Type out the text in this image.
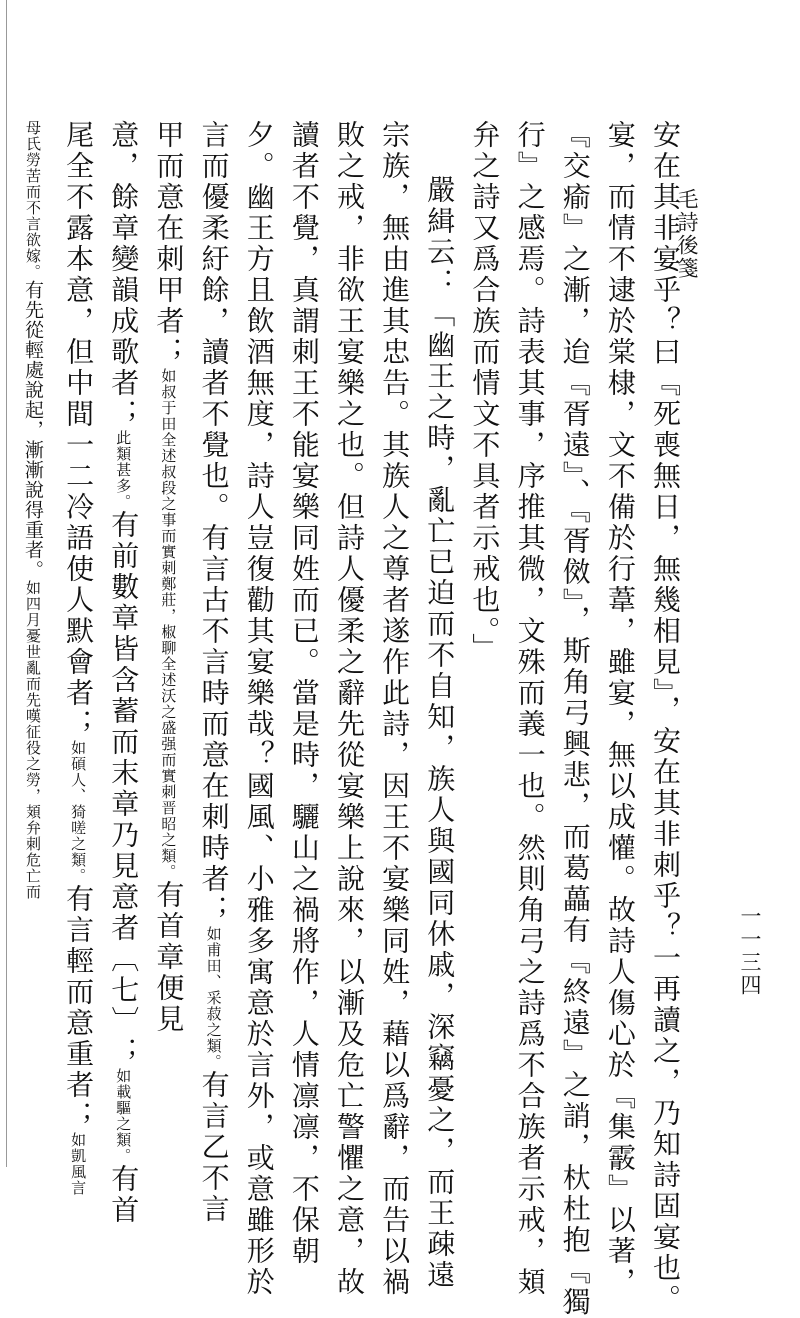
毛詩後箋
一一三四
安在其非宴乎？曰『死喪無日，無幾相見』，安在其非刺乎？一再讀之，乃知詩固宴也。
宴，而情不逮於棠棣，文不備於行葦，雖宴，無以成懽。故詩人傷心於『集霰』以著，
『交瘉』之漸，迨『胥遠』、『胥傚』，斯角弓興悲，而葛藟有『終遠』之誚，杕杜抱『獨
行』之感焉。詩表其事，序推其微，文殊而義一也。然則角弓之詩爲不合族者示戒，頍
弁之詩又爲合族而情文不具者示戒也。」
嚴緝云：「幽王之時，亂亡已迫而不自知，族人與國同休戚，深竊憂之，而王疎遠
宗族，無由進其忠告。其族人之尊者遂作此詩，因王不宴樂同姓，藉以爲辭，而告以禍
敗之戒，非欲王宴樂之也。但詩人優柔之辭先從宴樂上說來，以漸及危亡警懼之意，故
讀者不覺，真謂刺王不能宴樂同姓而已。當是時，驪山之禍將作，人情凛凛，不保朝
夕。幽王方且飲酒無度，詩人豈復勸其宴樂哉？國風、小雅多寓意於言外，或意雖形於
言而優柔紆餘，讀者不覺也。有言古不言時而意在刺時者；如甫田、采菽之類。有言乙不言
甲而意在刺甲者；如叔于田全述叔段之事而實刺鄭莊，椒聊全述沃之盛强而實刺晋昭之類。有首章便見
意，餘章變韻成歌者；此類甚多。有前數章皆含蓄而末章乃見意者〔七〕；如載驅之類。有首
尾全不露本意，但中間一二冷語使人默會者；如碩人、猗嗟之類。有言輕而意重者；如凱風言
母氏勞苦而不言欲嫁。有先從輕處說起，漸漸說得重者。如四月憂世亂而先嘆征役之勞，頍弁刺危亡而
